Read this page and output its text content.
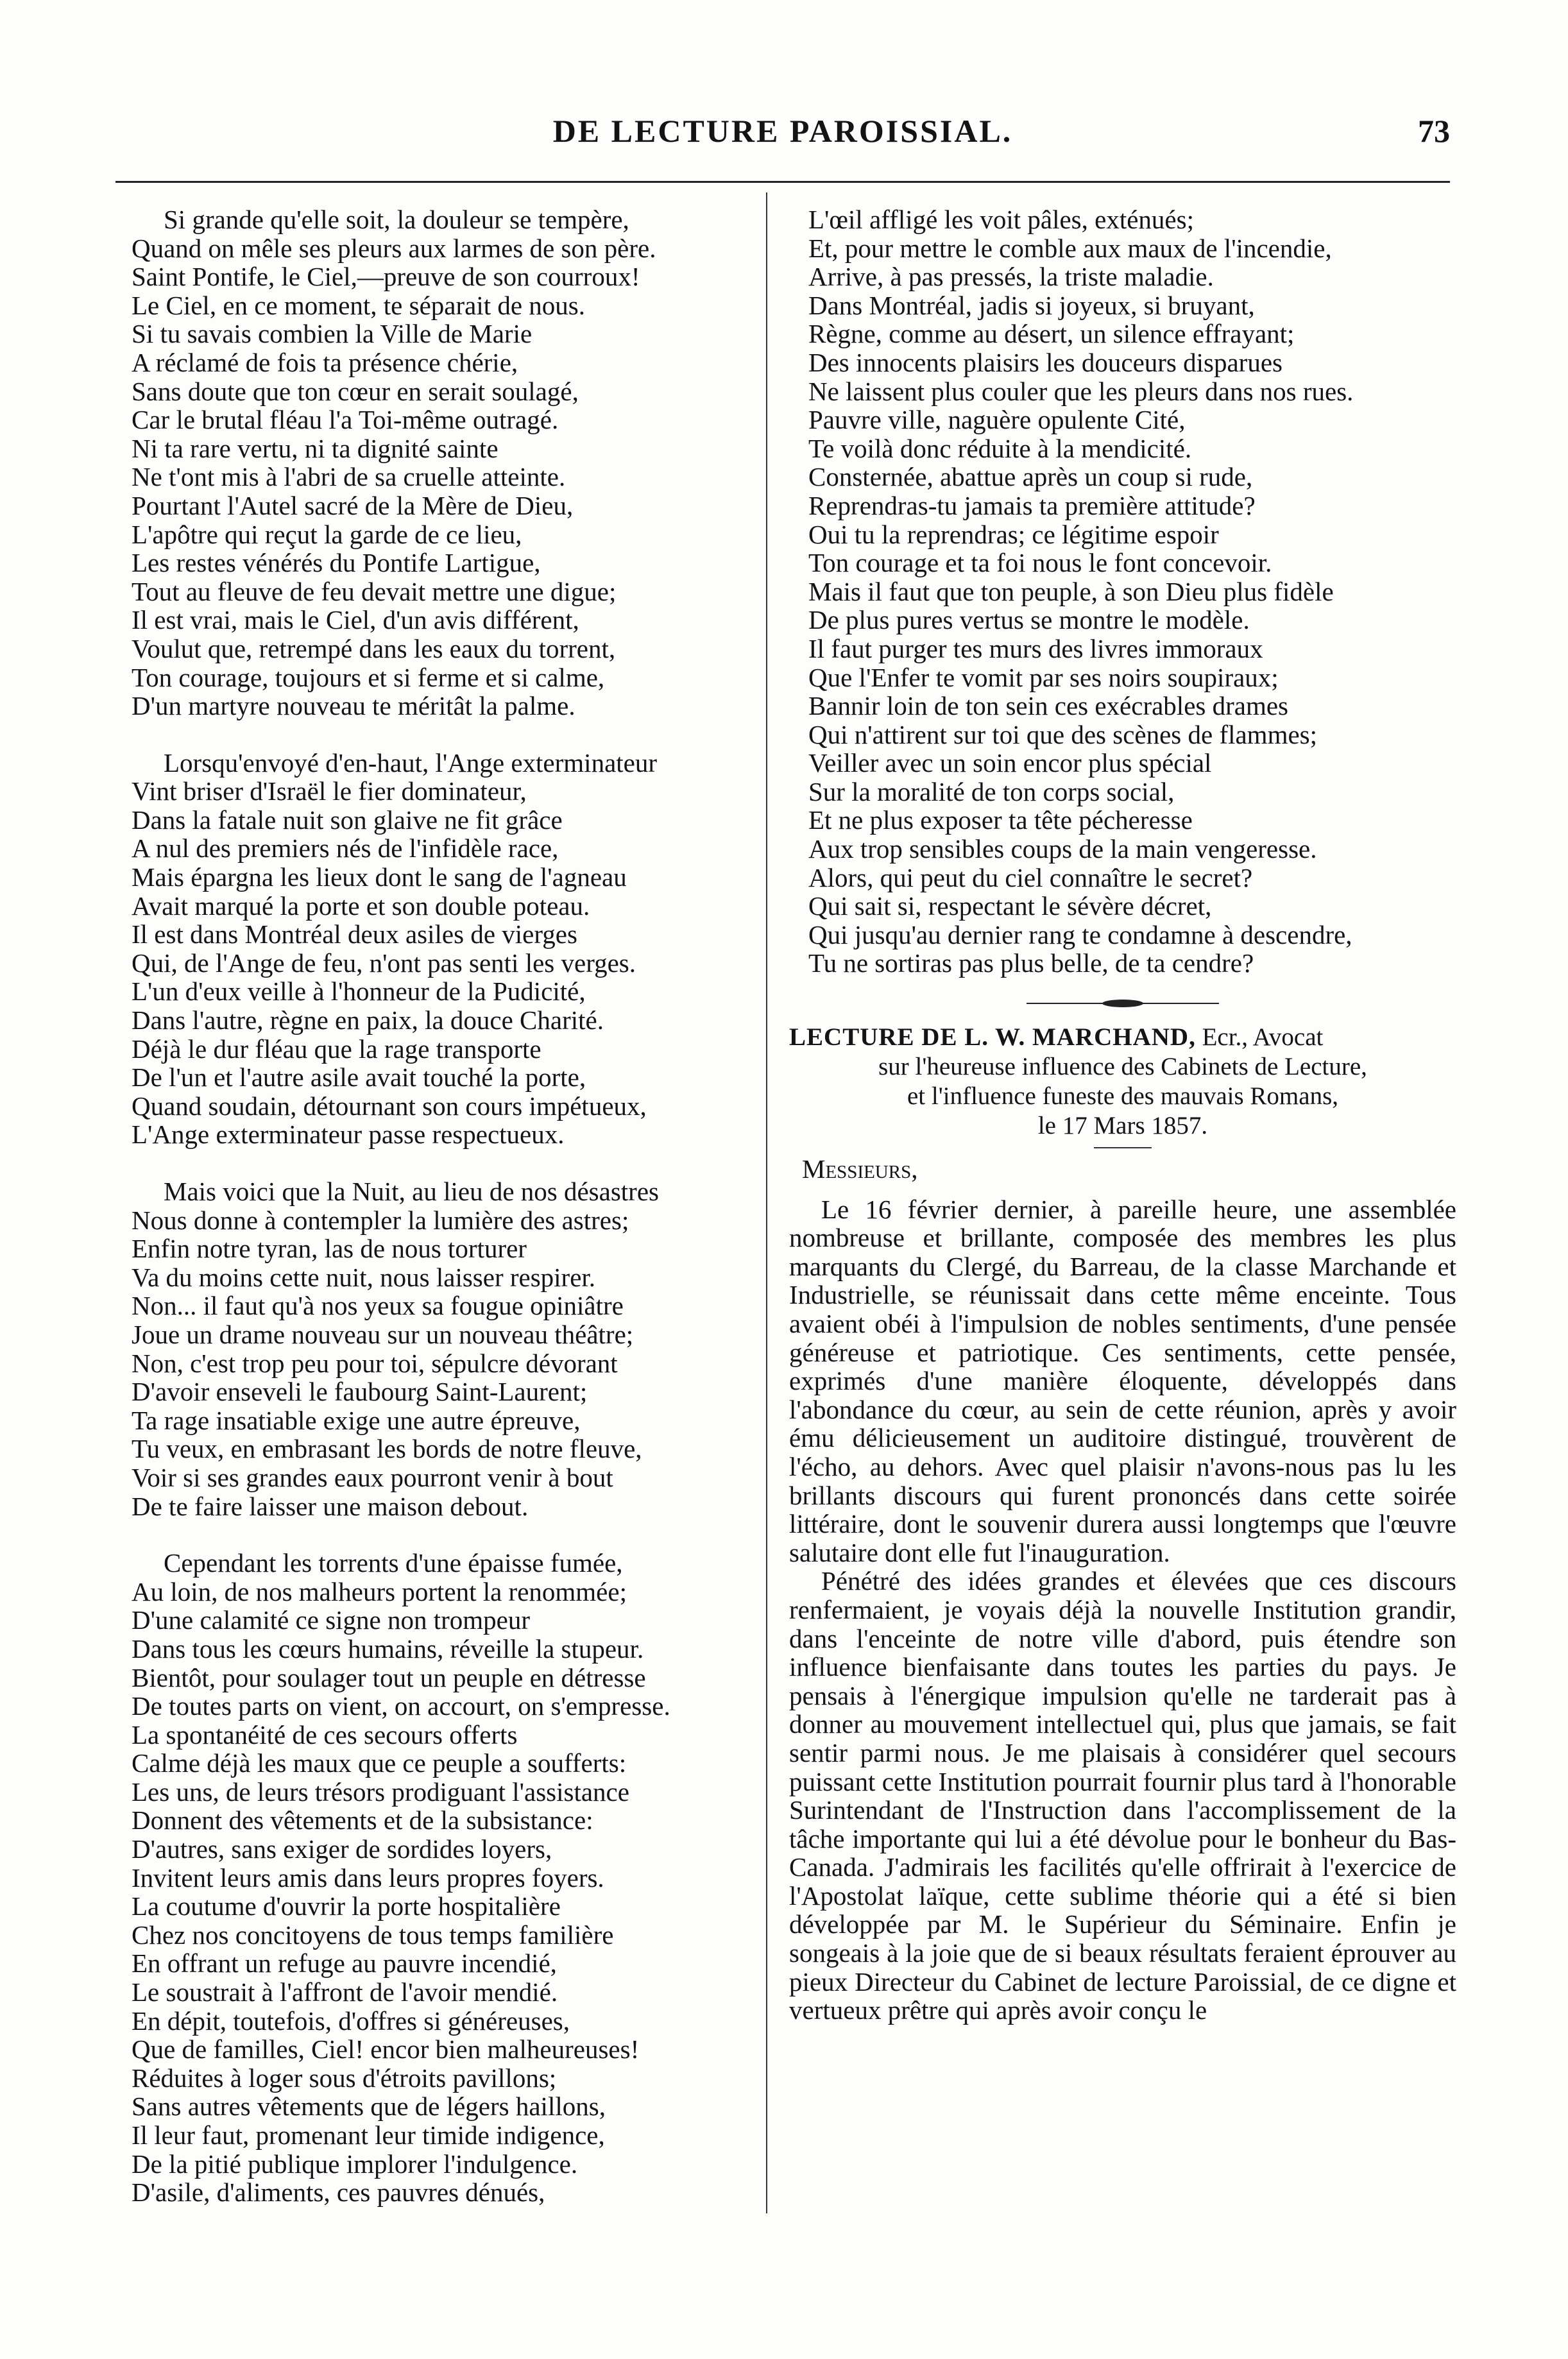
DE LECTURE PAROISSIAL.	73
Si grande qu'elle soit, la douleur se tempère,
Quand on mêle ses pleurs aux larmes de son père.
Saint Pontife, le Ciel,—preuve de son courroux!
Le Ciel, en ce moment, te séparait de nous.
Si tu savais combien la Ville de Marie
A réclamé de fois ta présence chérie,
Sans doute que ton cœur en serait soulagé,
Car le brutal fléau l'a Toi-même outragé.
Ni ta rare vertu, ni ta dignité sainte
Ne t'ont mis à l'abri de sa cruelle atteinte.
Pourtant l'Autel sacré de la Mère de Dieu,
L'apôtre qui reçut la garde de ce lieu,
Les restes vénérés du Pontife Lartigue,
Tout au fleuve de feu devait mettre une digue;
Il est vrai, mais le Ciel, d'un avis différent,
Voulut que, retrempé dans les eaux du torrent,
Ton courage, toujours et si ferme et si calme,
D'un martyre nouveau te méritât la palme.
Lorsqu'envoyé d'en-haut, l'Ange exterminateur
Vint briser d'Israël le fier dominateur,
Dans la fatale nuit son glaive ne fit grâce
A nul des premiers nés de l'infidèle race,
Mais épargna les lieux dont le sang de l'agneau
Avait marqué la porte et son double poteau.
Il est dans Montréal deux asiles de vierges
Qui, de l'Ange de feu, n'ont pas senti les verges.
L'un d'eux veille à l'honneur de la Pudicité,
Dans l'autre, règne en paix, la douce Charité.
Déjà le dur fléau que la rage transporte
De l'un et l'autre asile avait touché la porte,
Quand soudain, détournant son cours impétueux,
L'Ange exterminateur passe respectueux.
Mais voici que la Nuit, au lieu de nos désastres
Nous donne à contempler la lumière des astres;
Enfin notre tyran, las de nous torturer
Va du moins cette nuit, nous laisser respirer.
Non... il faut qu'à nos yeux sa fougue opiniâtre
Joue un drame nouveau sur un nouveau théâtre;
Non, c'est trop peu pour toi, sépulcre dévorant
D'avoir enseveli le faubourg Saint-Laurent;
Ta rage insatiable exige une autre épreuve,
Tu veux, en embrasant les bords de notre fleuve,
Voir si ses grandes eaux pourront venir à bout
De te faire laisser une maison debout.
Cependant les torrents d'une épaisse fumée,
Au loin, de nos malheurs portent la renommée;
D'une calamité ce signe non trompeur
Dans tous les cœurs humains, réveille la stupeur.
Bientôt, pour soulager tout un peuple en détresse
De toutes parts on vient, on accourt, on s'empresse.
La spontanéité de ces secours offerts
Calme déjà les maux que ce peuple a soufferts:
Les uns, de leurs trésors prodiguant l'assistance
Donnent des vêtements et de la subsistance:
D'autres, sans exiger de sordides loyers,
Invitent leurs amis dans leurs propres foyers.
La coutume d'ouvrir la porte hospitalière
Chez nos concitoyens de tous temps familière
En offrant un refuge au pauvre incendié,
Le soustrait à l'affront de l'avoir mendié.
En dépit, toutefois, d'offres si généreuses,
Que de familles, Ciel! encor bien malheureuses!
Réduites à loger sous d'étroits pavillons;
Sans autres vêtements que de légers haillons,
Il leur faut, promenant leur timide indigence,
De la pitié publique implorer l'indulgence.
D'asile, d'aliments, ces pauvres dénués,
L'œil affligé les voit pâles, exténués;
Et, pour mettre le comble aux maux de l'incendie,
Arrive, à pas pressés, la triste maladie.
Dans Montréal, jadis si joyeux, si bruyant,
Règne, comme au désert, un silence effrayant;
Des innocents plaisirs les douceurs disparues
Ne laissent plus couler que les pleurs dans nos rues.
Pauvre ville, naguère opulente Cité,
Te voilà donc réduite à la mendicité.
Consternée, abattue après un coup si rude,
Reprendras-tu jamais ta première attitude?
Oui tu la reprendras; ce légitime espoir
Ton courage et ta foi nous le font concevoir.
Mais il faut que ton peuple, à son Dieu plus fidèle
De plus pures vertus se montre le modèle.
Il faut purger tes murs des livres immoraux
Que l'Enfer te vomit par ses noirs soupiraux;
Bannir loin de ton sein ces exécrables drames
Qui n'attirent sur toi que des scènes de flammes;
Veiller avec un soin encor plus spécial
Sur la moralité de ton corps social,
Et ne plus exposer ta tête pécheresse
Aux trop sensibles coups de la main vengeresse.
Alors, qui peut du ciel connaître le secret?
Qui sait si, respectant le sévère décret,
Qui jusqu'au dernier rang te condamne à descendre,
Tu ne sortiras pas plus belle, de ta cendre?
LECTURE DE L. W. MARCHAND, Ecr., Avocat
sur l'heureuse influence des Cabinets de Lecture,
et l'influence funeste des mauvais Romans,
le 17 Mars 1857.
Messieurs,

Le 16 février dernier, à pareille heure, une assemblée nombreuse et brillante, composée des membres les plus marquants du Clergé, du Barreau, de la classe Marchande et Industrielle, se réunissait dans cette même enceinte. Tous avaient obéi à l'impulsion de nobles sentiments, d'une pensée généreuse et patriotique. Ces sentiments, cette pensée, exprimés d'une manière éloquente, développés dans l'abondance du cœur, au sein de cette réunion, après y avoir ému délicieusement un auditoire distingué, trouvèrent de l'écho, au dehors. Avec quel plaisir n'avons-nous pas lu les brillants discours qui furent prononcés dans cette soirée littéraire, dont le souvenir durera aussi longtemps que l'œuvre salutaire dont elle fut l'inauguration.

Pénétré des idées grandes et élevées que ces discours renfermaient, je voyais déjà la nouvelle Institution grandir, dans l'enceinte de notre ville d'abord, puis étendre son influence bienfaisante dans toutes les parties du pays. Je pensais à l'énergique impulsion qu'elle ne tarderait pas à donner au mouvement intellectuel qui, plus que jamais, se fait sentir parmi nous. Je me plaisais à considérer quel secours puissant cette Institution pourrait fournir plus tard à l'honorable Surintendant de l'Instruction dans l'accomplissement de la tâche importante qui lui a été dévolue pour le bonheur du Bas-Canada. J'admirais les facilités qu'elle offrirait à l'exercice de l'Apostolat laïque, cette sublime théorie qui a été si bien développée par M. le Supérieur du Séminaire. Enfin je songeais à la joie que de si beaux résultats feraient éprouver au pieux Directeur du Cabinet de lecture Paroissial, de ce digne et vertueux prêtre qui après avoir conçu le
